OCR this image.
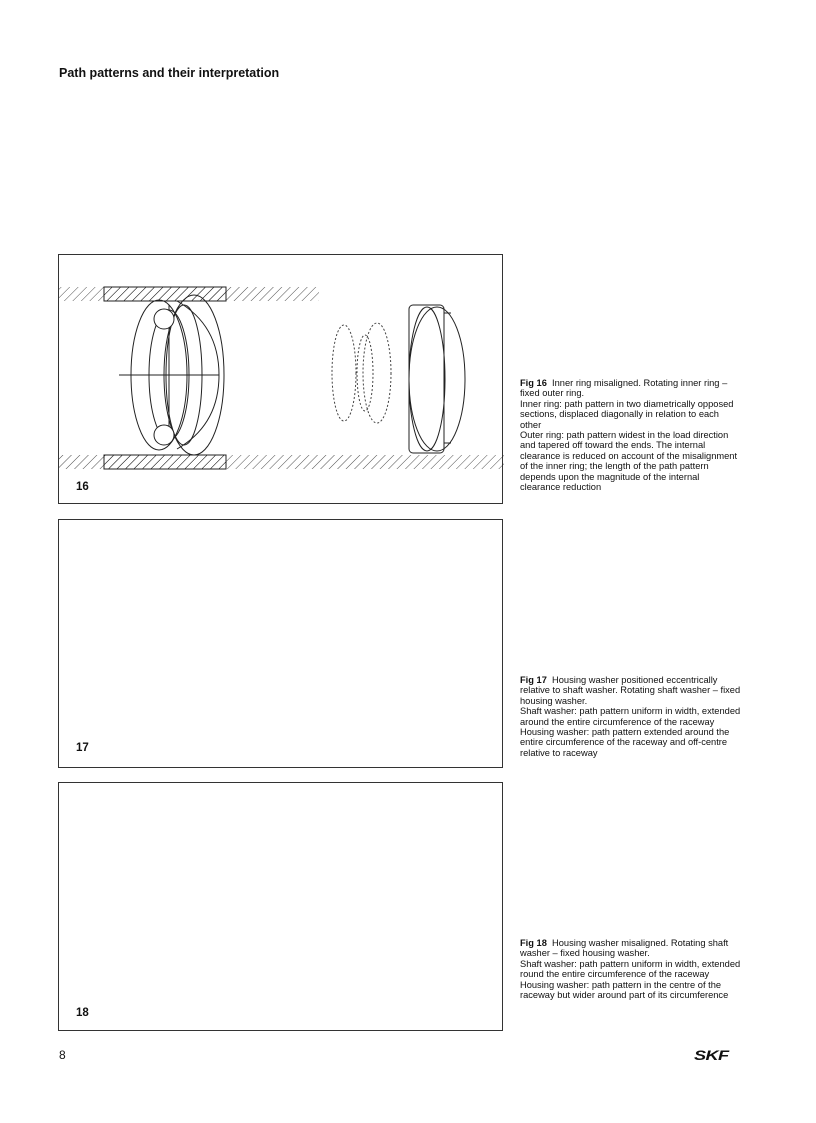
Path patterns and their interpretation
16

Fig 16 Inner ring misaligned. Rotating inner ring – fixed outer ring.

Inner ring: path pattern in two diametrically opposed sections, displaced diagonally in relation to each other

Outer ring: path pattern widest in the load direction and tapered off toward the ends. The internal clearance is reduced on account of the misalignment of the inner ring; the length of the path pattern depends upon the magnitude of the internal clearance reduction

17

Fig 17 Housing washer positioned eccentrically relative to shaft washer. Rotating shaft washer – fixed housing washer.

Shaft washer: path pattern uniform in width, extended around the entire circumference of the raceway

Housing washer: path pattern extended around the entire circumference of the raceway and off-centre relative to raceway

18

Fig 18 Housing washer misaligned. Rotating shaft washer – fixed housing washer.

Shaft washer: path pattern uniform in width, extended round the entire circumference of the raceway

Housing washer: path pattern in the centre of the raceway but wider around part of its circumference

8	SKF
